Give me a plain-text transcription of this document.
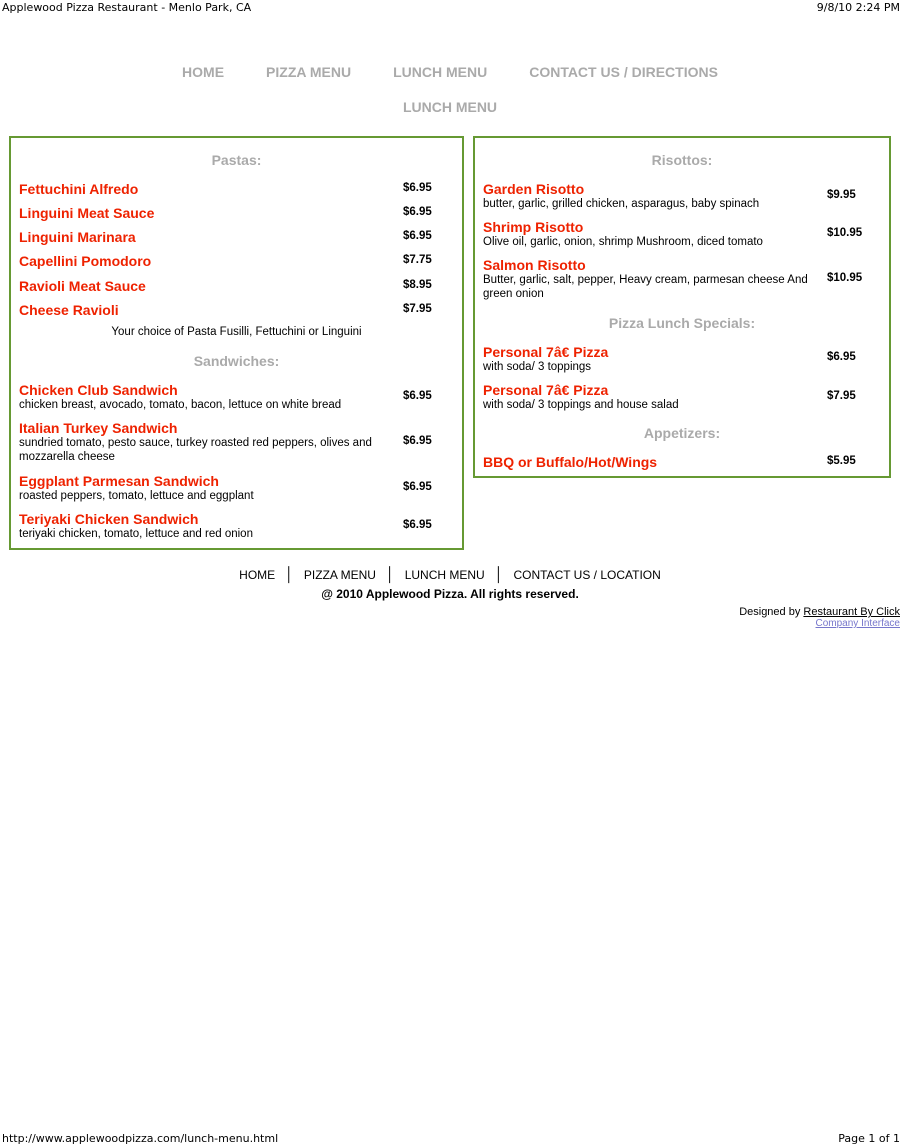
Applewood Pizza Restaurant - Menlo Park, CA	9/8/10 2:24 PM
HOME	PIZZA MENU	LUNCH MENU	CONTACT US / DIRECTIONS
LUNCH MENU
Pastas:
Fettuchini Alfredo	$6.95
Linguini Meat Sauce	$6.95
Linguini Marinara	$6.95
Capellini Pomodoro	$7.75
Ravioli Meat Sauce	$8.95
Cheese Ravioli	$7.95
Your choice of Pasta Fusilli, Fettuchini or Linguini
Sandwiches:
Chicken Club Sandwich
chicken breast, avocado, tomato, bacon, lettuce on white bread
$6.95
Italian Turkey Sandwich
sundried tomato, pesto sauce, turkey roasted red peppers, olives and mozzarella cheese
$6.95
Eggplant Parmesan Sandwich
roasted peppers, tomato, lettuce and eggplant
$6.95
Teriyaki Chicken Sandwich
teriyaki chicken, tomato, lettuce and red onion
$6.95
Risottos:
Garden Risotto
butter, garlic, grilled chicken, asparagus, baby spinach
$9.95
Shrimp Risotto
Olive oil, garlic, onion, shrimp Mushroom, diced tomato
$10.95
Salmon Risotto
Butter, garlic, salt, pepper, Heavy cream, parmesan cheese And green onion
$10.95
Pizza Lunch Specials:
Personal 7â€ Pizza
with soda/ 3 toppings
$6.95
Personal 7â€ Pizza
with soda/ 3 toppings and house salad
$7.95
Appetizers:
BBQ or Buffalo/Hot/Wings	$5.95
HOME │ PIZZA MENU │ LUNCH MENU │ CONTACT US / LOCATION
@ 2010 Applewood Pizza. All rights reserved.
Designed by Restaurant By Click
Company Interface
http://www.applewoodpizza.com/lunch-menu.html	Page 1 of 1
